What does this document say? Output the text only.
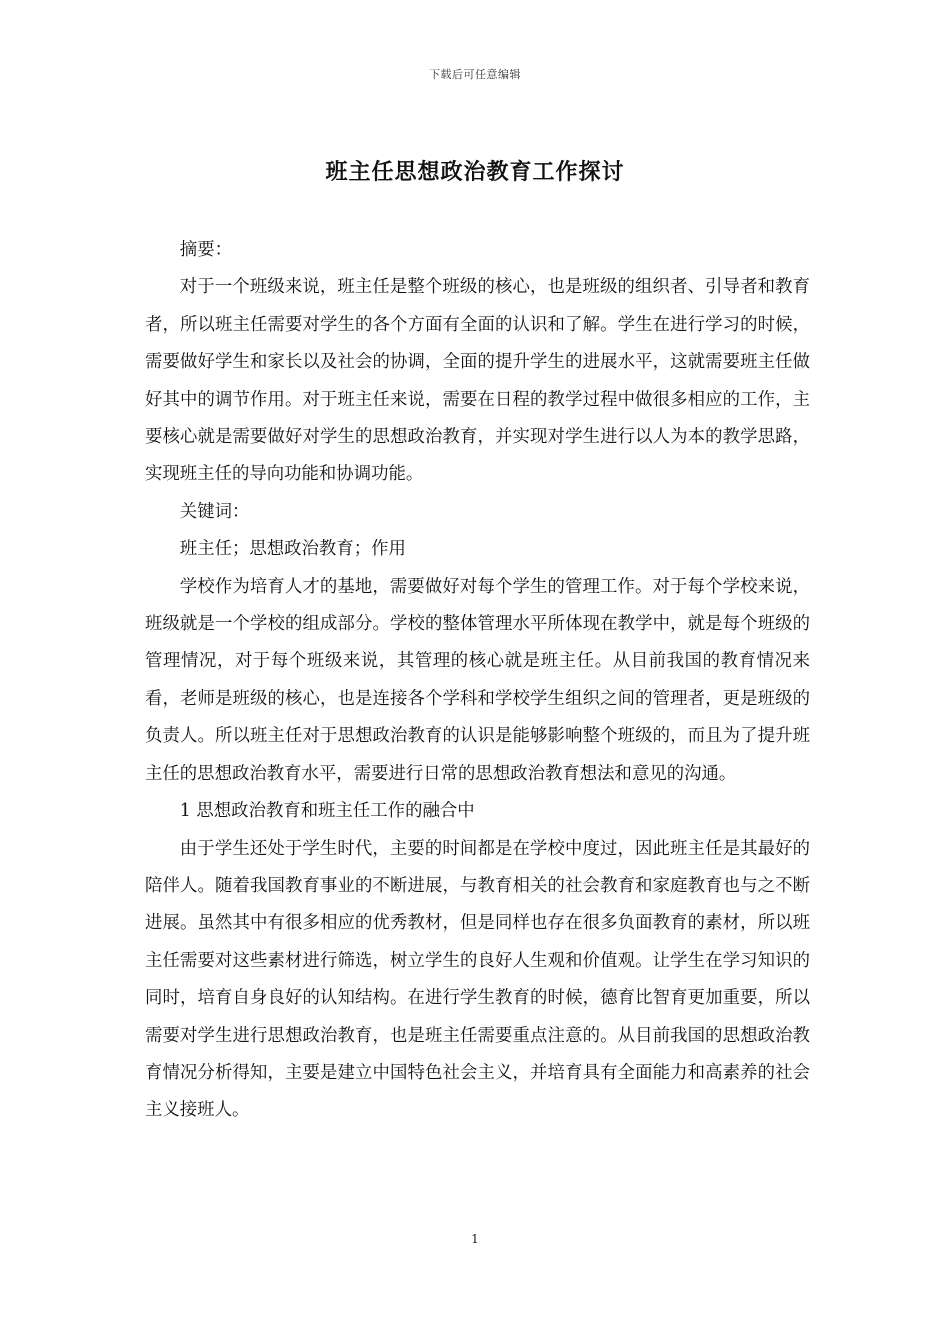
下载后可任意编辑
班主任思想政治教育工作探讨

摘要：

对于一个班级来说，班主任是整个班级的核心，也是班级的组织者、引导者和教育者，所以班主任需要对学生的各个方面有全面的认识和了解。学生在进行学习的时候，需要做好学生和家长以及社会的协调，全面的提升学生的进展水平，这就需要班主任做好其中的调节作用。对于班主任来说，需要在日程的教学过程中做很多相应的工作，主要核心就是需要做好对学生的思想政治教育，并实现对学生进行以人为本的教学思路，实现班主任的导向功能和协调功能。

关键词：

班主任；思想政治教育；作用

学校作为培育人才的基地，需要做好对每个学生的管理工作。对于每个学校来说，班级就是一个学校的组成部分。学校的整体管理水平所体现在教学中，就是每个班级的管理情况，对于每个班级来说，其管理的核心就是班主任。从目前我国的教育情况来看，老师是班级的核心，也是连接各个学科和学校学生组织之间的管理者，更是班级的负责人。所以班主任对于思想政治教育的认识是能够影响整个班级的，而且为了提升班主任的思想政治教育水平，需要进行日常的思想政治教育想法和意见的沟通。

1 思想政治教育和班主任工作的融合中

由于学生还处于学生时代，主要的时间都是在学校中度过，因此班主任是其最好的陪伴人。随着我国教育事业的不断进展，与教育相关的社会教育和家庭教育也与之不断进展。虽然其中有很多相应的优秀教材，但是同样也存在很多负面教育的素材，所以班主任需要对这些素材进行筛选，树立学生的良好人生观和价值观。让学生在学习知识的同时，培育自身良好的认知结构。在进行学生教育的时候，德育比智育更加重要，所以需要对学生进行思想政治教育，也是班主任需要重点注意的。从目前我国的思想政治教育情况分析得知，主要是建立中国特色社会主义，并培育具有全面能力和高素养的社会主义接班人。

1
